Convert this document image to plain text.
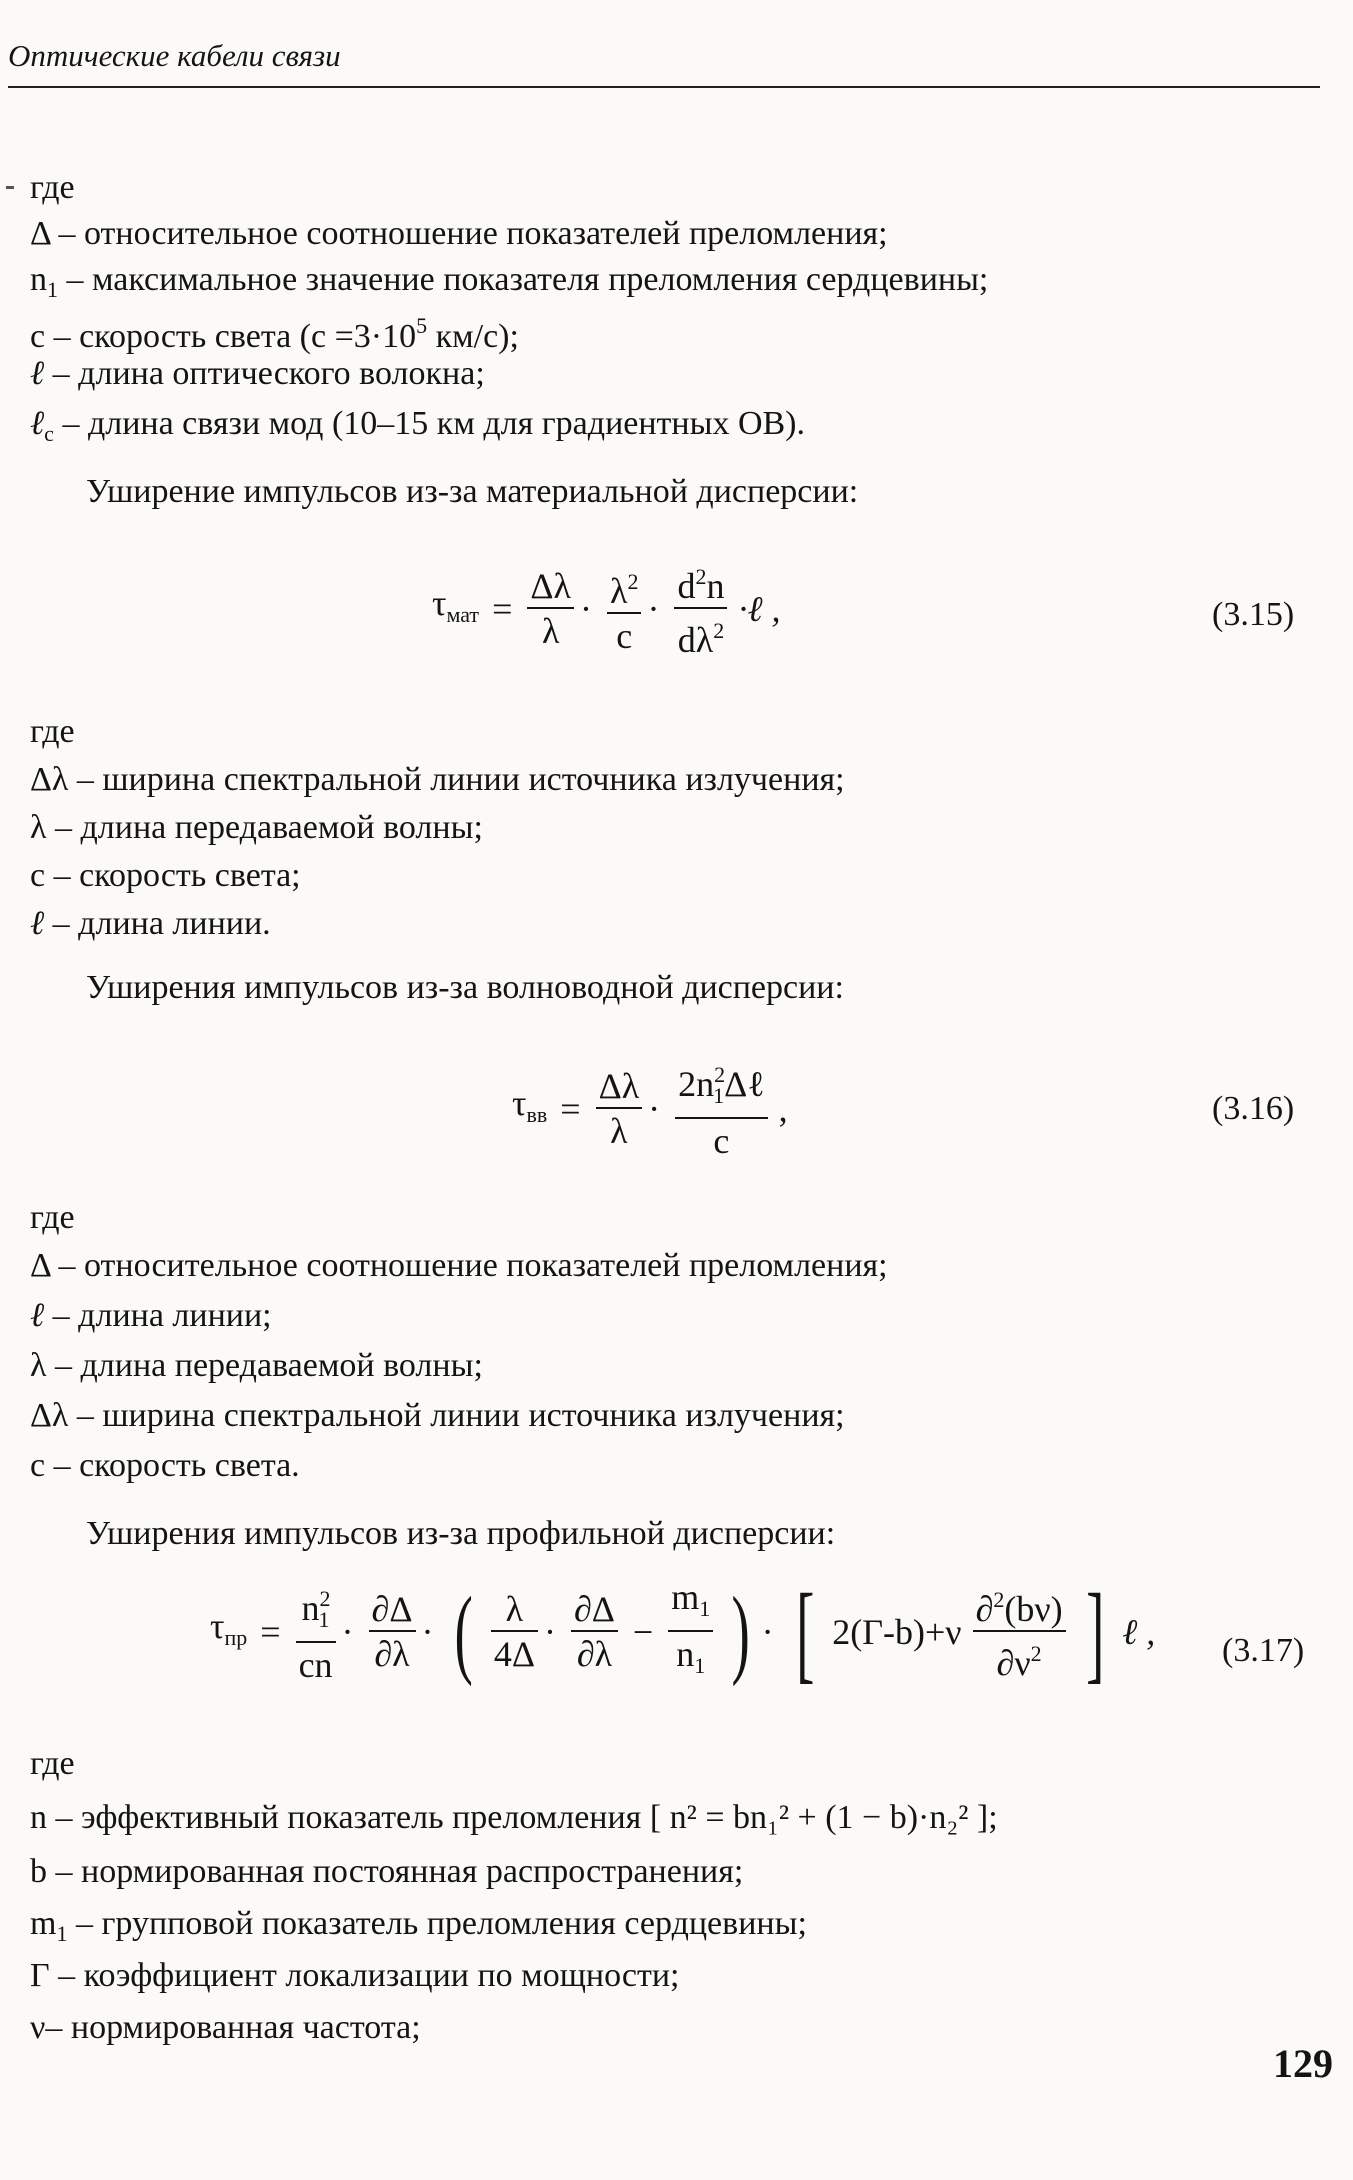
Оптические кабели связи
где
Δ – относительное соотношение показателей преломления;
$n_1$ – максимальное значение показателя преломления сердцевины;
c – скорость света ($c =3\cdot 10^5$ км/с);
ℓ – длина оптического волокна;
ℓ$_c$ – длина связи мод (10–15 км для градиентных ОВ).
Уширение импульсов из-за материальной дисперсии:
$\tau_{мат} = \frac{\Delta\lambda}{\lambda} \cdot \frac{\lambda^2}{c} \cdot \frac{d^2n}{d\lambda^2}$ ·ℓ ,	(3.15)
где
Δλ – ширина спектральной линии источника излучения;
λ – длина передаваемой волны;
c – скорость света;
ℓ – длина линии.
Уширения импульсов из-за волноводной дисперсии:
$\tau_{вв} = \frac{\Delta\lambda}{\lambda} \cdot \frac{2n^2_1\Delta\ell}{c}$ ,	(3.16)
где
Δ – относительное соотношение показателей преломления;
ℓ – длина линии;
λ – длина передаваемой волны;
Δλ – ширина спектральной линии источника излучения;
c – скорость света.
Уширения импульсов из-за профильной дисперсии:
$\tau_{пр} = \frac{n^2_1}{cn} \cdot \frac{\partial\Delta}{\partial\lambda}$ · ( $\frac{\lambda}{4\Delta} \cdot \frac{\partial\Delta}{\partial\lambda} - \frac{m_1}{n_1}$ ) · [ $2(\Gamma-b)+\nu \frac{\partial^2(b\nu)}{\partial\nu^2}$ ] ℓ , (3.17)
где
n – эффективный показатель преломления [ n² = bn₁² + (1 − b)·n₂² ];
b – нормированная постоянная распространения;
$m_1$ – групповой показатель преломления сердцевины;
Γ – коэффициент локализации по мощности;
ν– нормированная частота;
129
